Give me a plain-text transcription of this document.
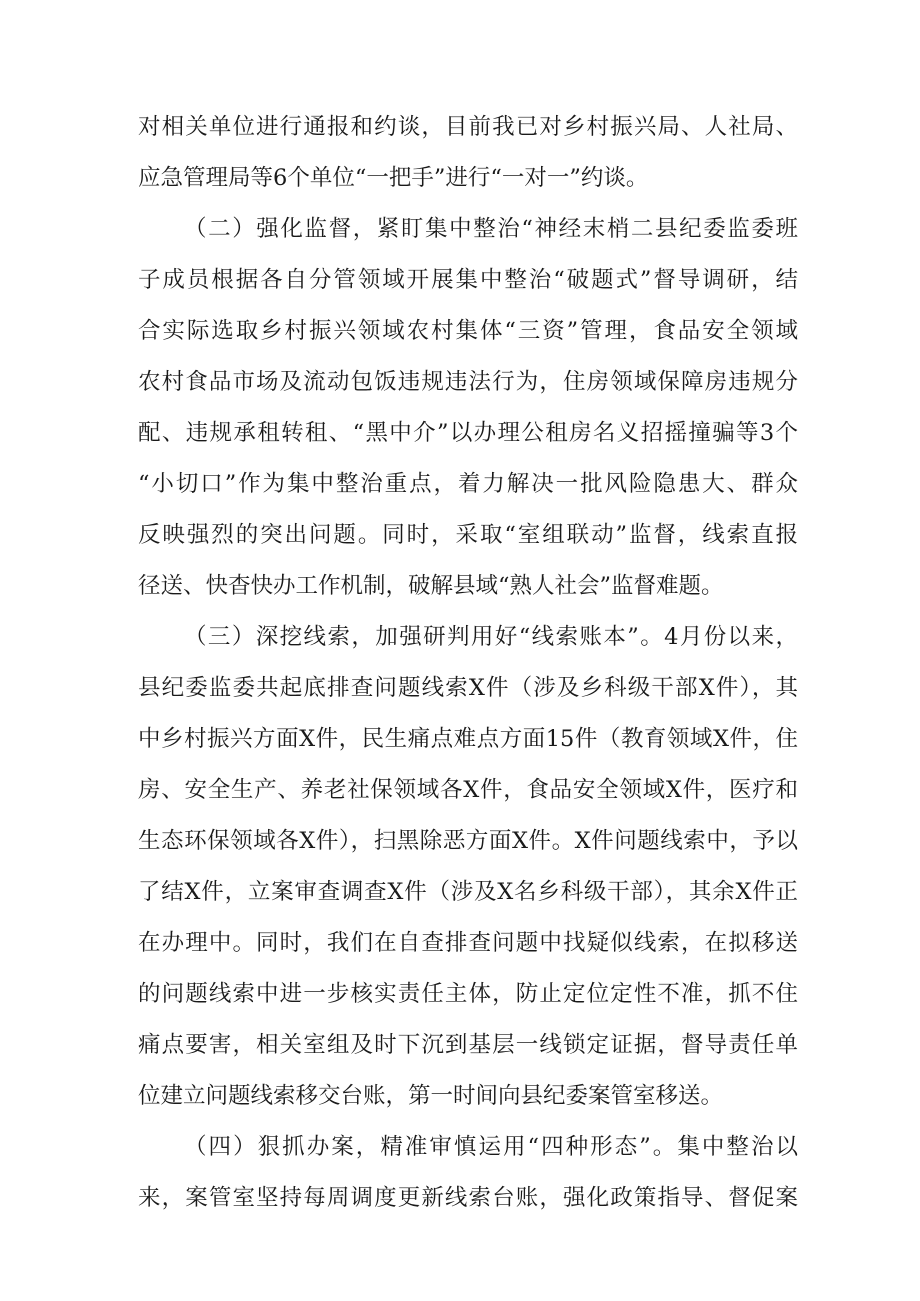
对相关单位进行通报和约谈，目前我已对乡村振兴局、人社局、
应急管理局等6个单位“一把手”进行“一对一”约谈。
（二）强化监督，紧盯集中整治“神经末梢二县纪委监委班
子成员根据各自分管领域开展集中整治“破题式”督导调研，结
合实际选取乡村振兴领域农村集体“三资”管理，食品安全领域
农村食品市场及流动包饭违规违法行为，住房领域保障房违规分
配、违规承租转租、“黑中介”以办理公租房名义招摇撞骗等3个
“小切口”作为集中整治重点，着力解决一批风险隐患大、群众
反映强烈的突出问题。同时，采取“室组联动”监督，线索直报
径送、快杳快办工作机制，破解县域“熟人社会”监督难题。
（三）深挖线索，加强研判用好“线索账本”。4月份以来，
县纪委监委共起底排查问题线索X件（涉及乡科级干部X件），其
中乡村振兴方面X件，民生痛点难点方面15件（教育领域X件，住
房、安全生产、养老社保领域各X件，食品安全领域X件，医疗和
生态环保领域各X件），扫黑除恶方面X件。X件问题线索中，予以
了结X件，立案审查调查X件（涉及X名乡科级干部），其余X件正
在办理中。同时，我们在自查排查问题中找疑似线索，在拟移送
的问题线索中进一步核实责任主体，防止定位定性不准，抓不住
痛点要害，相关室组及时下沉到基层一线锁定证据，督导责任单
位建立问题线索移交台账，第一时间向县纪委案管室移送。
（四）狠抓办案，精准审慎运用“四种形态”。集中整治以
来，案管室坚持每周调度更新线索台账，强化政策指导、督促案
